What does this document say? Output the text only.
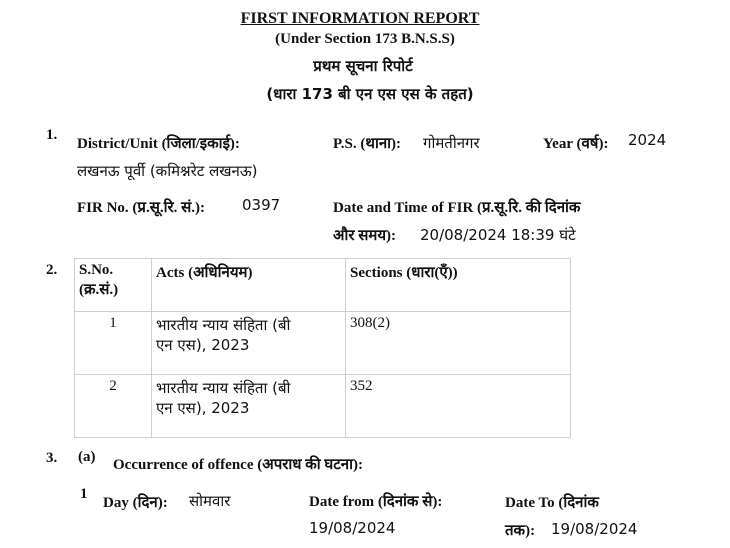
FIRST INFORMATION REPORT
(Under Section 173 B.N.S.S)
प्रथम सूचना रिपोर्ट
(धारा 173 बी एन एस एस के तहत)
1.
District/Unit (जिला/इकाई):
लखनऊ पूर्वी (कमिश्नरेट लखनऊ)
P.S. (थाना): गोमतीनगर	Year (वर्ष): 2024
FIR No. (प्र.सू.रि. सं.): 0397	Date and Time of FIR (प्र.सू.रि. की दिनांक
और समय): 20/08/2024 18:39 घंटे
2. S.No.
(क्र.सं.)	Acts (अधिनियम)	Sections (धारा(एँ))
1	भारतीय न्याय संहिता (बी
एन एस), 2023	308(2)
2	भारतीय न्याय संहिता (बी
एन एस), 2023	352
3. (a) Occurrence of offence (अपराध की घटना):
1
Day (दिन): सोमवार	Date from (दिनांक से):
19/08/2024
Date To (दिनांक
तक): 19/08/2024
